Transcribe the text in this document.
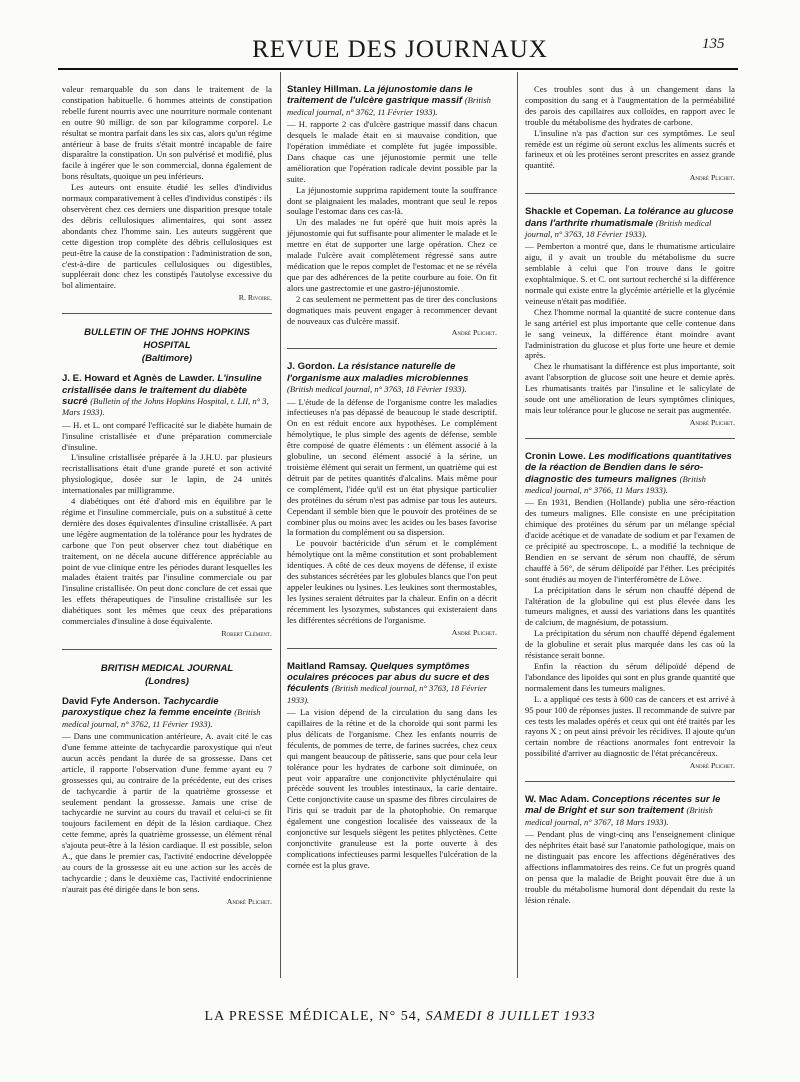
REVUE DES JOURNAUX	135

valeur remarquable du son dans le traitement de la constipation habituelle. 6 hommes atteints de constipation rebelle furent nourris avec une nourriture normale contenant en outre 90 milligr. de son par kilogramme corporel. Le résultat se montra parfait dans les six cas, alors qu'un régime antérieur à base de fruits s'était montré incapable de faire disparaître la constipation. Un son pulvérisé et modifié, plus facile à ingérer que le son commercial, donna également de bons résultats, quoique un peu inférieurs.

Les auteurs ont ensuite étudié les selles d'individus normaux comparativement à celles d'individus constipés : ils observèrent chez ces derniers une disparition presque totale des débris cellulosiques alimentaires, qui sont assez abondants chez l'homme sain. Les auteurs suggèrent que cette digestion trop complète des débris cellulosiques est peut-être la cause de la constipation : l'administration de son, c'est-à-dire de particules cellulosiques ou digestibles, suppléerait donc chez les constipés l'autolyse excessive du bol alimentaire.

R. Rivoire.
BULLETIN OF THE JOHNS HOPKINS HOSPITAL
(Baltimore)
J. E. Howard et Agnès de Lawder. L'insuline cristallisée dans le traitement du diabète sucré (Bulletin of the Johns Hopkins Hospital, t. LII, n° 3, Mars 1933).

— H. et L. ont comparé l'efficacité sur le diabète humain de l'insuline cristallisée et d'une préparation commerciale d'insuline.

L'insuline cristallisée préparée à la J.H.U. par plusieurs recristallisations était d'une grande pureté et son activité physiologique, dosée sur le lapin, de 24 unités internationales par milligramme.

4 diabétiques ont été d'abord mis en équilibre par le régime et l'insuline commerciale, puis on a substitué à cette dernière des doses équivalentes d'insuline cristallisée. A part une légère augmentation de la tolérance pour les hydrates de carbone que l'on peut observer chez tout diabétique en traitement, on ne décela aucune différence appréciable au point de vue clinique entre les périodes durant lesquelles les malades étaient traités par l'insuline commerciale ou par l'insuline cristallisée. On peut donc conclure de cet essai que les effets thérapeutiques de l'insuline cristallisée sur les diabétiques sont les mêmes que ceux des préparations commerciales d'insuline à dose équivalente.

Robert Clément.
BRITISH MEDICAL JOURNAL
(Londres)
David Fyfe Anderson. Tachycardie paroxystique chez la femme enceinte (British medical journal, n° 3762, 11 Février 1933).

— Dans une communication antérieure, A. avait cité le cas d'une femme atteinte de tachycardie paroxystique qui n'eut aucun accès pendant la durée de sa grossesse. Dans cet article, il rapporte l'observation d'une femme ayant eu 7 grossesses qui, au contraire de la précédente, eut des crises de tachycardie à partir de la quatrième grossesse et seulement pendant la grossesse. Jamais une crise de tachycardie ne survint au cours du travail et celui-ci se fit toujours facilement en dépit de la lésion cardiaque. Chez cette femme, après la quatrième grossesse, un élément rénal s'ajouta peut-être à la lésion cardiaque. Il est possible, selon A., que dans le premier cas, l'activité endocrine développée au cours de la grossesse ait eu une action sur les accès de tachycardie ; dans le deuxième cas, l'activité endocrinienne n'aurait pas été dirigée dans le bon sens.

André Plichet.
Stanley Hillman. La jéjunostomie dans le traitement de l'ulcère gastrique massif (British medical journal, n° 3762, 11 Février 1933).

— H. rapporte 2 cas d'ulcère gastrique massif dans chacun desquels le malade était en si mauvaise condition, que l'opération immédiate et complète fut jugée impossible. Dans chaque cas une jéjunostomie permit une telle amélioration que l'opération radicale devint possible par la suite.

La jéjunostomie supprima rapidement toute la souffrance dont se plaignaient les malades, montrant que seul le repos soulage l'estomac dans ces cas-là.

Un des malades ne fut opéré que huit mois après la jéjunostomie qui fut suffisante pour alimenter le malade et le mettre en état de supporter une large opération. Chez ce malade l'ulcère avait complètement régressé sans autre médication que le repos complet de l'estomac et ne se révéla que par des adhérences de la petite courbure au foie. On fit alors une gastrectomie et une gastro-jéjunostomie.

2 cas seulement ne permettent pas de tirer des conclusions dogmatiques mais peuvent engager à recommencer devant de nouveaux cas d'ulcère massif.

André Plichet.
J. Gordon. La résistance naturelle de l'organisme aux maladies microbiennes (British medical journal, n° 3763, 18 Février 1933).

— L'étude de la défense de l'organisme contre les maladies infectieuses n'a pas dépassé de beaucoup le stade descriptif. On en est réduit encore aux hypothèses. Le complément hémolytique, le plus simple des agents de défense, semble être composé de quatre éléments : un élément associé à la globuline, un second élément associé à la sérine, un troisième élément qui serait un ferment, un quatrième qui est détruit par de petites quantités d'alcalins. Mais même pour ce complément, l'idée qu'il est un état physique particulier des protéines du sérum n'est pas admise par tous les auteurs. Cependant il semble bien que le pouvoir des protéines de se combiner plus ou moins avec les acides ou les bases favorise la formation du complément ou sa dispersion.

Le pouvoir bactéricide d'un sérum et le complément hémolytique ont la même constitution et sont probablement identiques. A côté de ces deux moyens de défense, il existe des substances sécrétées par les globules blancs que l'on peut appeler leukines ou lysines. Les leukines sont thermostables, les lysines seraient détruites par la chaleur. Enfin on a décrit récemment les lysozymes, substances qui existeraient dans les différentes sécrétions de l'organisme.

André Plichet.
Maitland Ramsay. Quelques symptômes oculaires précoces par abus du sucre et des féculents (British medical journal, n° 3763, 18 Février 1933).

— La vision dépend de la circulation du sang dans les capillaires de la rétine et de la choroïde qui sont parmi les plus délicats de l'organisme. Chez les enfants nourris de féculents, de pommes de terre, de farines sucrées, chez ceux qui mangent beaucoup de pâtisserie, sans que pour cela leur tolérance pour les hydrates de carbone soit diminuée, on peut voir apparaître une conjonctivite phlycténulaire qui précède souvent les troubles intestinaux, la carie dentaire. Cette conjonctivite cause un spasme des fibres circulaires de l'iris qui se traduit par de la photophobie. On remarque également une congestion localisée des vaisseaux de la conjonctive sur lesquels siègent les petites phlyctènes. Cette conjonctivite granuleuse est la porte ouverte à des complications infectieuses parmi lesquelles l'ulcération de la cornée est la plus grave.

Ces troubles sont dus à un changement dans la composition du sang et à l'augmentation de la perméabilité des parois des capillaires aux colloïdes, en rapport avec le trouble du métabolisme des hydrates de carbone.

L'insuline n'a pas d'action sur ces symptômes. Le seul remède est un régime où seront exclus les aliments sucrés et farineux et où les protéines seront prescrites en assez grande quantité.

André Plichet.
Shackle et Copeman. La tolérance au glucose dans l'arthrite rhumatismale (British medical journal, n° 3763, 18 Février 1933).

— Pemberton a montré que, dans le rhumatisme articulaire aigu, il y avait un trouble du métabolisme du sucre semblable à celui que l'on trouve dans le goitre exophtalmique. S. et C. ont surtout recherché si la différence normale qui existe entre la glycémie artérielle et la glycémie veineuse n'était pas modifiée.

Chez l'homme normal la quantité de sucre contenue dans le sang artériel est plus importante que celle contenue dans le sang veineux, la différence étant moindre avant l'administration du glucose et plus forte une heure et demie après.

Chez le rhumatisant la différence est plus importante, soit avant l'absorption de glucose soit une heure et demie après. Les rhumatisants traités par l'insuline et le salicylate de soude ont une amélioration de leurs symptômes cliniques, mais leur tolérance pour le glucose ne serait pas augmentée.

André Plichet.
Cronin Lowe. Les modifications quantitatives de la réaction de Bendien dans le séro-diagnostic des tumeurs malignes (British medical journal, n° 3766, 11 Mars 1933).

— En 1931, Bendien (Hollande) publia une séro-réaction des tumeurs malignes. Elle consiste en une précipitation chimique des protéines du sérum par un mélange spécial d'acide acétique et de vanadate de sodium et par l'examen de ce précipité au spectroscope. L. a modifié la technique de Bendien en se servant de sérum non chauffé, de sérum chauffé à 56°, de sérum délipoïdé par l'éther. Les précipités sont étudiés au moyen de l'interféromètre de Löwe.

La précipitation dans le sérum non chauffé dépend de l'altération de la globuline qui est plus élevée dans les tumeurs malignes, et aussi des variations dans les quantités de calcium, de magnésium, de potassium.

La précipitation du sérum non chauffé dépend également de la globuline et serait plus marquée dans les cas où la résistance serait bonne.

Enfin la réaction du sérum délipoïdé dépend de l'abondance des lipoïdes qui sont en plus grande quantité que normalement dans les tumeurs malignes.

L. a appliqué ces tests à 600 cas de cancers et est arrivé à 95 pour 100 de réponses justes. Il recommande de suivre par ces tests les malades opérés et ceux qui ont été traités par les rayons X ; on peut ainsi prévoir les récidives. Il ajoute qu'un certain nombre de réactions anormales font entrevoir la possibilité d'arriver au diagnostic de l'état précancéreux.

André Plichet.
W. Mac Adam. Conceptions récentes sur le mal de Bright et sur son traitement (British medical journal, n° 3767, 18 Mars 1933).

— Pendant plus de vingt-cinq ans l'enseignement clinique des néphrites était basé sur l'anatomie pathologique, mais on ne distinguait pas encore les affections dégénératives des affections inflammatoires des reins. Ce fut un progrès quand on pensa que la maladie de Bright pouvait être due à un trouble du métabolisme humoral dont dépendait du reste la lésion rénale.

LA PRESSE MÉDICALE, N° 54, SAMEDI 8 JUILLET 1933
